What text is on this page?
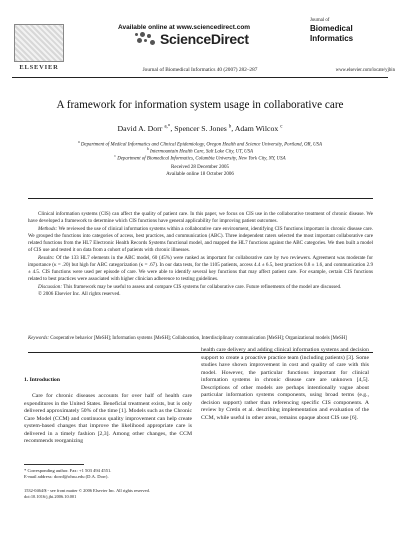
Available online at www.sciencedirect.com
ScienceDirect
Journal of Biomedical Informatics 40 (2007) 282–287
ELSEVIER
Journal of
Biomedical
Informatics
www.elsevier.com/locate/yjbin
A framework for information system usage in collaborative care
David A. Dorr $^{a,*}$, Spencer S. Jones $^b$, Adam Wilcox $^c$
$^a$ Department of Medical Informatics and Clinical Epidemiology, Oregon Health and Science University, Portland, OR, USA
$^b$ Intermountain Health Care, Salt Lake City, UT, USA
$^c$ Department of Biomedical Informatics, Columbia University, New York City, NY, USA
Received 28 December 2005
Available online 18 October 2006

Clinical information systems (CIS) can affect the quality of patient care. In this paper, we focus on CIS use in the collaborative treatment of chronic disease. We have developed a framework to determine which CIS functions have general applicability for improving patient outcomes.

Methods: We reviewed the use of clinical information systems within a collaborative care environment, identifying CIS functions important in chronic disease care. We grouped the functions into categories of access, best practices, and communication (ABC). Three independent raters selected the most important collaborative care related functions from the HL7 Electronic Health Records Systems functional model, and mapped the HL7 functions against the ABC categories. We then built a model of CIS use and tested it on data from a cohort of patients with chronic illnesses.

Results: Of the 133 HL7 elements in the ABC model, 60 (45%) were ranked as important for collaborative care by two reviewers. Agreement was moderate for importance (κ = .20) but high for ABC categorization (κ = .67). In our data tests, for the 1105 patients, access 4.4 ± 6.5, best practices 0.8 ± 1.6, and communication 2.9 ± 4.5. CIS functions were used per episode of care. We were able to identify several key functions that may affect patient care. For example, certain CIS functions related to best practices were associated with higher clinician adherence to testing guidelines.

Discussion: This framework may be useful to assess and compare CIS systems for collaborative care. Future refinements of the model are discussed.

© 2006 Elsevier Inc. All rights reserved.

Keywords: Cooperative behavior [MeSH]; Information systems [MeSH]; Collaboration, Interdisciplinary communication [MeSH]; Organizational models [MeSH]
1. Introduction

Care for chronic diseases accounts for over half of health care expenditures in the United States. Beneficial treatment exists, but is only delivered approximately 50% of the time [1]. Models such as the Chronic Care Model (CCM) and continuous quality improvement can help create system-based changes that improve the likelihood appropriate care is delivered in a timely fashion [2,3]. Among other changes, the CCM recommends reorganizing

health care delivery and adding clinical information systems and decision support to create a proactive practice team (including patients) [3]. Some studies have shown improvement in cost and quality of care with this model. However, the particular functions important for clinical information systems in chronic disease care are unknown [4,5]. Descriptions of other models are perhaps intentionally vague about particular information systems components, using broad terms (e.g., decision support) rather than referencing specific CIS components. A review by Cretin et al. describing implementation and evaluation of the CCM, while useful in other areas, remains opaque about CIS use [6].

* Corresponding author. Fax: +1 503 494 4551.
E-mail address: dorrd@ohsu.edu (D.A. Dorr).
1532-0464/$ - see front matter © 2006 Elsevier Inc. All rights reserved.
doi:10.1016/j.jbi.2006.10.001
